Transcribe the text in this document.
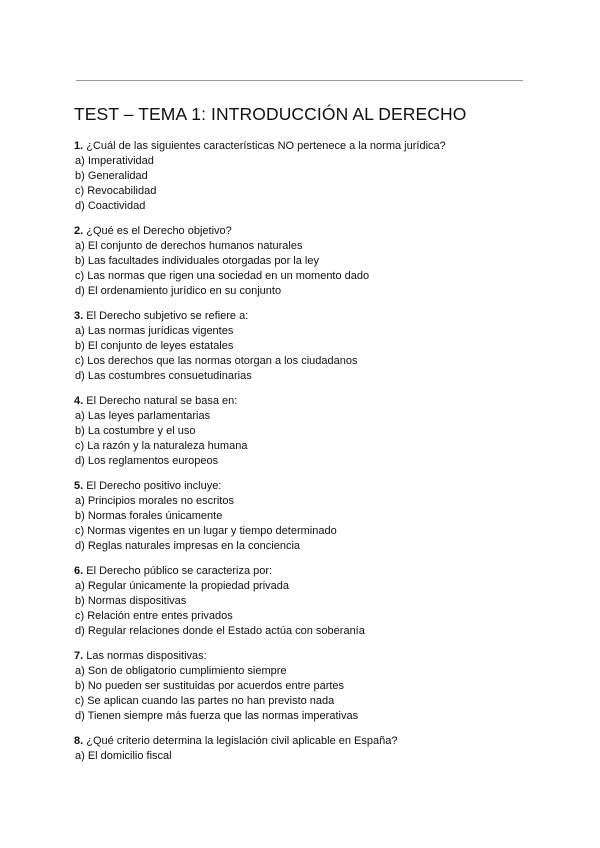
TEST – TEMA 1: INTRODUCCIÓN AL DERECHO
1. ¿Cuál de las siguientes características NO pertenece a la norma jurídica?
a) Imperatividad
b) Generalidad
c) Revocabilidad
d) Coactividad
2. ¿Qué es el Derecho objetivo?
a) El conjunto de derechos humanos naturales
b) Las facultades individuales otorgadas por la ley
c) Las normas que rigen una sociedad en un momento dado
d) El ordenamiento jurídico en su conjunto
3. El Derecho subjetivo se refiere a:
a) Las normas jurídicas vigentes
b) El conjunto de leyes estatales
c) Los derechos que las normas otorgan a los ciudadanos
d) Las costumbres consuetudinarias
4. El Derecho natural se basa en:
a) Las leyes parlamentarias
b) La costumbre y el uso
c) La razón y la naturaleza humana
d) Los reglamentos europeos
5. El Derecho positivo incluye:
a) Principios morales no escritos
b) Normas forales únicamente
c) Normas vigentes en un lugar y tiempo determinado
d) Reglas naturales impresas en la conciencia
6. El Derecho público se caracteriza por:
a) Regular únicamente la propiedad privada
b) Normas dispositivas
c) Relación entre entes privados
d) Regular relaciones donde el Estado actúa con soberanía
7. Las normas dispositivas:
a) Son de obligatorio cumplimiento siempre
b) No pueden ser sustituidas por acuerdos entre partes
c) Se aplican cuando las partes no han previsto nada
d) Tienen siempre más fuerza que las normas imperativas
8. ¿Qué criterio determina la legislación civil aplicable en España?
a) El domicilio fiscal
